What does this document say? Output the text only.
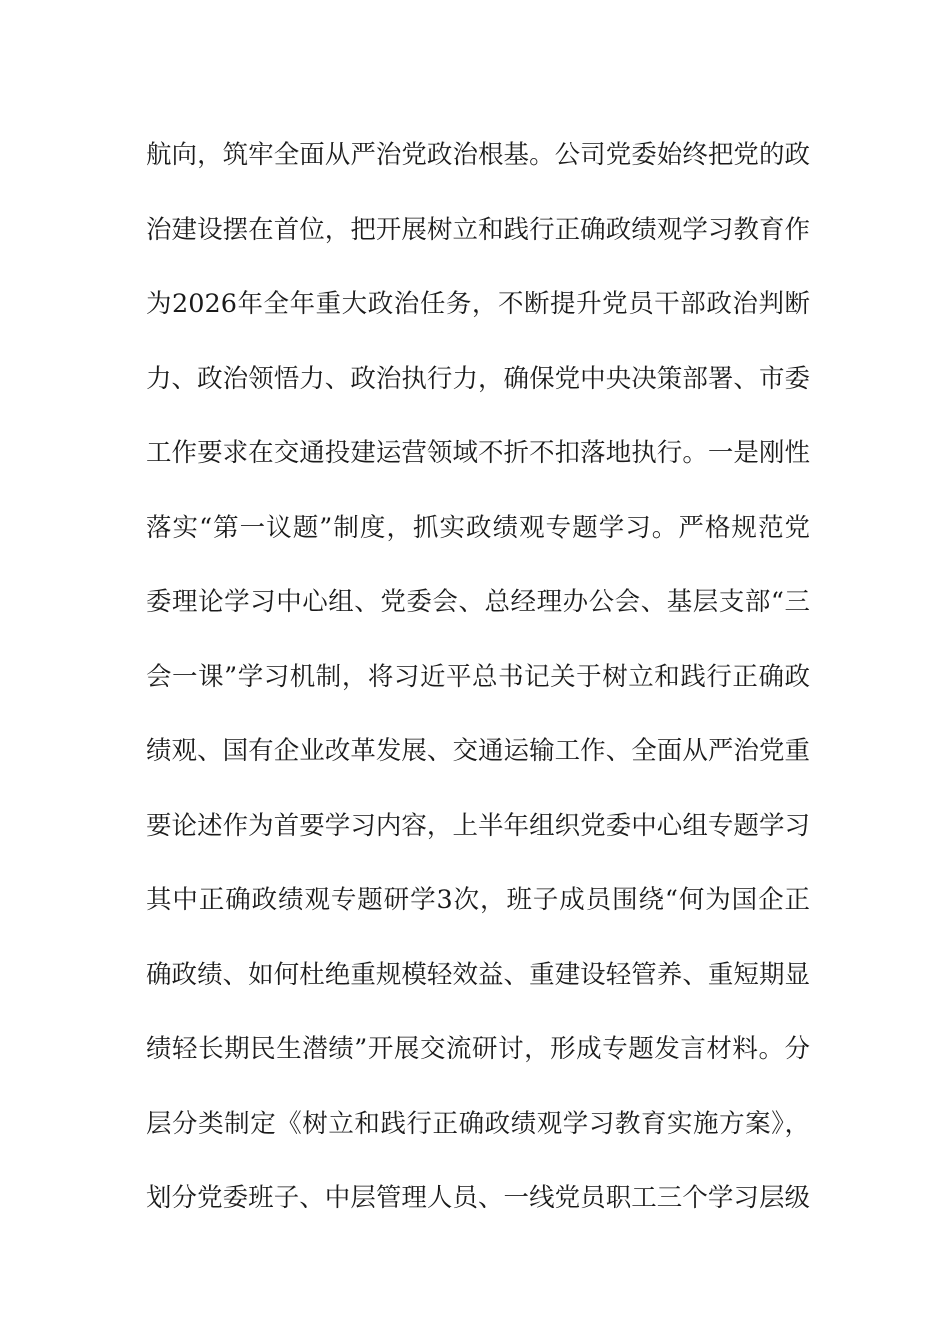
航向，筑牢全面从严治党政治根基。公司党委始终把党的政
治建设摆在首位，把开展树立和践行正确政绩观学习教育作
为2026年全年重大政治任务，不断提升党员干部政治判断
力、政治领悟力、政治执行力，确保党中央决策部署、市委
工作要求在交通投建运营领域不折不扣落地执行。一是刚性
落实“第一议题”制度，抓实政绩观专题学习。严格规范党
委理论学习中心组、党委会、总经理办公会、基层支部“三
会一课”学习机制，将习近平总书记关于树立和践行正确政
绩观、国有企业改革发展、交通运输工作、全面从严治党重
要论述作为首要学习内容，上半年组织党委中心组专题学习
其中正确政绩观专题研学3次，班子成员围绕“何为国企正
确政绩、如何杜绝重规模轻效益、重建设轻管养、重短期显
绩轻长期民生潜绩”开展交流研讨，形成专题发言材料。分
层分类制定《树立和践行正确政绩观学习教育实施方案》，
划分党委班子、中层管理人员、一线党员职工三个学习层级
